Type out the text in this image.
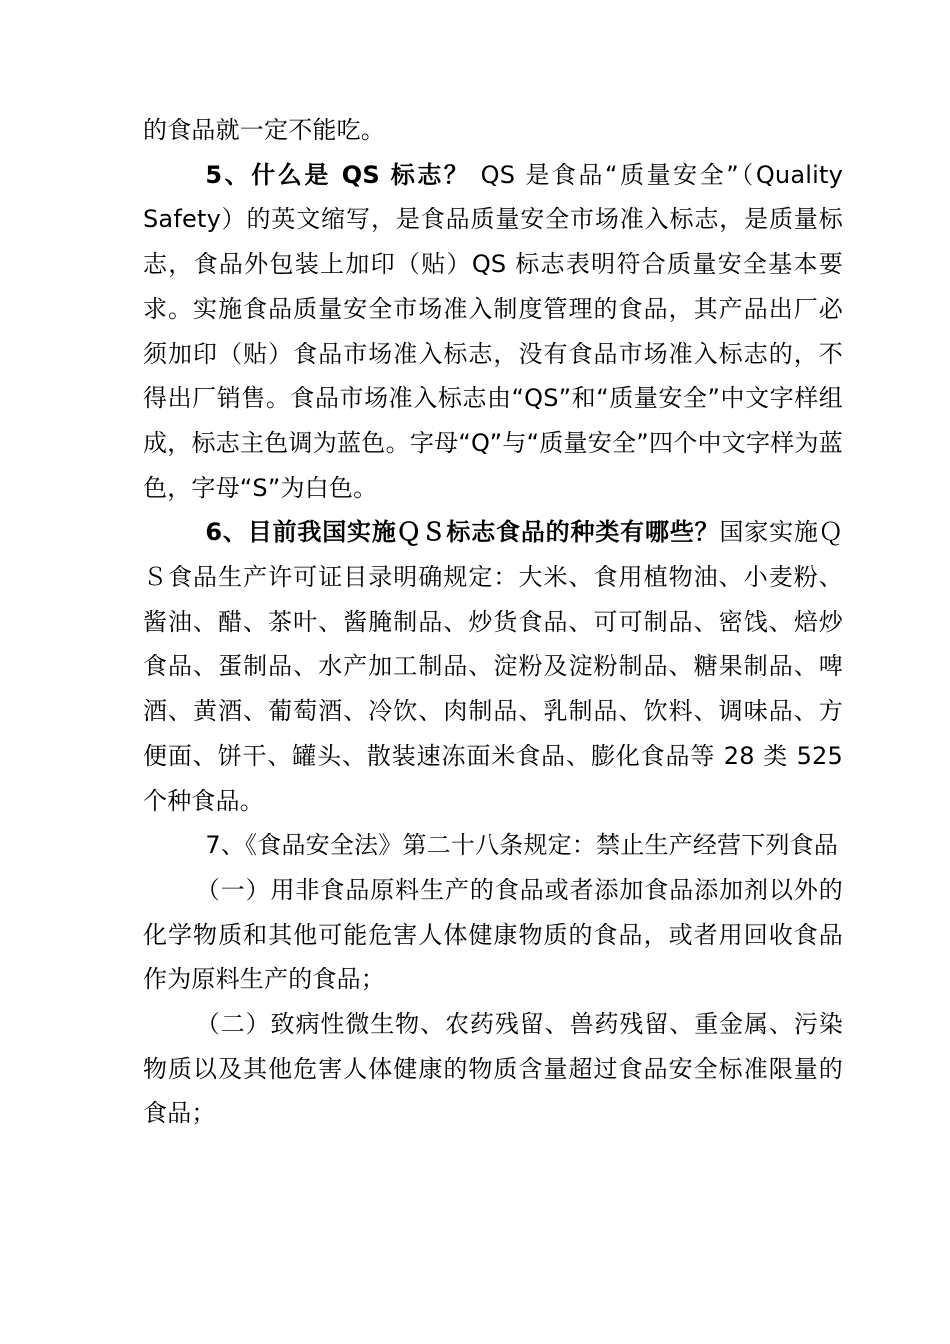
的食品就一定不能吃。

5、什么是 QS 标志？ QS 是食品“质量安全”（Quality Safety）的英文缩写，是食品质量安全市场准入标志，是质量标志，食品外包装上加印（贴）QS 标志表明符合质量安全基本要求。实施食品质量安全市场准入制度管理的食品，其产品出厂必须加印（贴）食品市场准入标志，没有食品市场准入标志的，不得出厂销售。食品市场准入标志由“QS”和“质量安全”中文字样组成，标志主色调为蓝色。字母“Q”与“质量安全”四个中文字样为蓝色，字母“S”为白色。

6、目前我国实施ＱＳ标志食品的种类有哪些？国家实施ＱＳ食品生产许可证目录明确规定：大米、食用植物油、小麦粉、酱油、醋、茶叶、酱腌制品、炒货食品、可可制品、密饯、焙炒食品、蛋制品、水产加工制品、淀粉及淀粉制品、糖果制品、啤酒、黄酒、葡萄酒、冷饮、肉制品、乳制品、饮料、调味品、方便面、饼干、罐头、散装速冻面米食品、膨化食品等 28 类 525 个种食品。

7、《食品安全法》第二十八条规定：禁止生产经营下列食品

（一）用非食品原料生产的食品或者添加食品添加剂以外的化学物质和其他可能危害人体健康物质的食品，或者用回收食品作为原料生产的食品；

（二）致病性微生物、农药残留、兽药残留、重金属、污染物质以及其他危害人体健康的物质含量超过食品安全标准限量的食品；
